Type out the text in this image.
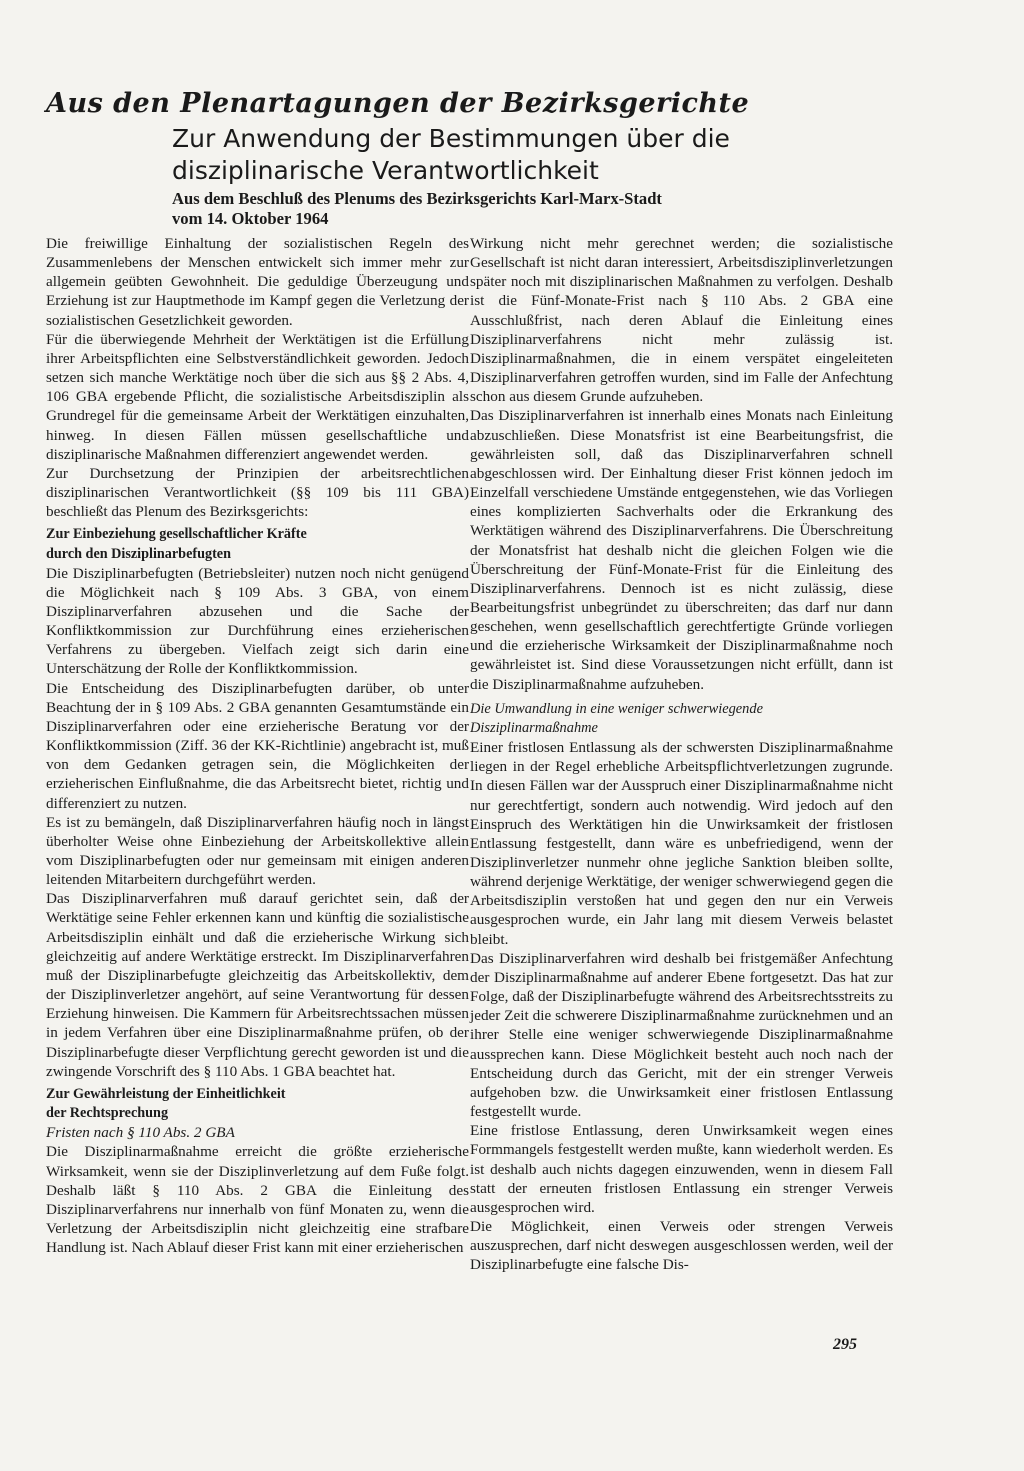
Aus den Plenartagungen der Bezirksgerichte
Zur Anwendung der Bestimmungen über die
disziplinarische Verantwortlichkeit
Aus dem Beschluß des Plenums des Bezirksgerichts Karl-Marx-Stadt
vom 14. Oktober 1964

Die freiwillige Einhaltung der sozialistischen Regeln des Zusammenlebens der Menschen entwickelt sich immer mehr zur allgemein geübten Gewohnheit. Die geduldige Überzeugung und Erziehung ist zur Hauptmethode im Kampf gegen die Verletzung der sozialistischen Gesetzlichkeit geworden.

Für die überwiegende Mehrheit der Werktätigen ist die Erfüllung ihrer Arbeitspflichten eine Selbstverständlichkeit geworden. Jedoch setzen sich manche Werktätige noch über die sich aus §§ 2 Abs. 4, 106 GBA ergebende Pflicht, die sozialistische Arbeitsdisziplin als Grundregel für die gemeinsame Arbeit der Werktätigen einzuhalten, hinweg. In diesen Fällen müssen gesellschaftliche und disziplinarische Maßnahmen differenziert angewendet werden.

Zur Durchsetzung der Prinzipien der arbeitsrechtlichen disziplinarischen Verantwortlichkeit (§§ 109 bis 111 GBA) beschließt das Plenum des Bezirksgerichts:

Zur Einbeziehung gesellschaftlicher Kräfte
durch den Disziplinarbefugten

Die Disziplinarbefugten (Betriebsleiter) nutzen noch nicht genügend die Möglichkeit nach § 109 Abs. 3 GBA, von einem Disziplinarverfahren abzusehen und die Sache der Konfliktkommission zur Durchführung eines erzieherischen Verfahrens zu übergeben. Vielfach zeigt sich darin eine Unterschätzung der Rolle der Konfliktkommission.

Die Entscheidung des Disziplinarbefugten darüber, ob unter Beachtung der in § 109 Abs. 2 GBA genannten Gesamtumstände ein Disziplinarverfahren oder eine erzieherische Beratung vor der Konfliktkommission (Ziff. 36 der KK-Richtlinie) angebracht ist, muß von dem Gedanken getragen sein, die Möglichkeiten der erzieherischen Einflußnahme, die das Arbeitsrecht bietet, richtig und differenziert zu nutzen.

Es ist zu bemängeln, daß Disziplinarverfahren häufig noch in längst überholter Weise ohne Einbeziehung der Arbeitskollektive allein vom Disziplinarbefugten oder nur gemeinsam mit einigen anderen leitenden Mitarbeitern durchgeführt werden.

Das Disziplinarverfahren muß darauf gerichtet sein, daß der Werktätige seine Fehler erkennen kann und künftig die sozialistische Arbeitsdisziplin einhält und daß die erzieherische Wirkung sich gleichzeitig auf andere Werktätige erstreckt. Im Disziplinarverfahren muß der Disziplinarbefugte gleichzeitig das Arbeitskollektiv, dem der Disziplinverletzer angehört, auf seine Verantwortung für dessen Erziehung hinweisen. Die Kammern für Arbeitsrechtssachen müssen in jedem Verfahren über eine Disziplinarmaßnahme prüfen, ob der Disziplinarbefugte dieser Verpflichtung gerecht geworden ist und die zwingende Vorschrift des § 110 Abs. 1 GBA beachtet hat.

Zur Gewährleistung der Einheitlichkeit
der Rechtsprechung
Fristen nach § 110 Abs. 2 GBA

Die Disziplinarmaßnahme erreicht die größte erzieherische Wirksamkeit, wenn sie der Disziplinverletzung auf dem Fuße folgt. Deshalb läßt § 110 Abs. 2 GBA die Einleitung des Disziplinarverfahrens nur innerhalb von fünf Monaten zu, wenn die Verletzung der Arbeitsdisziplin nicht gleichzeitig eine strafbare Handlung ist. Nach Ablauf dieser Frist kann mit einer erzieherischen

Wirkung nicht mehr gerechnet werden; die sozialistische Gesellschaft ist nicht daran interessiert, Arbeitsdisziplinverletzungen später noch mit disziplinarischen Maßnahmen zu verfolgen. Deshalb ist die Fünf-Monate-Frist nach § 110 Abs. 2 GBA eine Ausschlußfrist, nach deren Ablauf die Einleitung eines Disziplinarverfahrens nicht mehr zulässig ist. Disziplinarmaßnahmen, die in einem verspätet eingeleiteten Disziplinarverfahren getroffen wurden, sind im Falle der Anfechtung schon aus diesem Grunde aufzuheben.

Das Disziplinarverfahren ist innerhalb eines Monats nach Einleitung abzuschließen. Diese Monatsfrist ist eine Bearbeitungsfrist, die gewährleisten soll, daß das Disziplinarverfahren schnell abgeschlossen wird. Der Einhaltung dieser Frist können jedoch im Einzelfall verschiedene Umstände entgegenstehen, wie das Vorliegen eines komplizierten Sachverhalts oder die Erkrankung des Werktätigen während des Disziplinarverfahrens. Die Überschreitung der Monatsfrist hat deshalb nicht die gleichen Folgen wie die Überschreitung der Fünf-Monate-Frist für die Einleitung des Disziplinarverfahrens. Dennoch ist es nicht zulässig, diese Bearbeitungsfrist unbegründet zu überschreiten; das darf nur dann geschehen, wenn gesellschaftlich gerechtfertigte Gründe vorliegen und die erzieherische Wirksamkeit der Disziplinarmaßnahme noch gewährleistet ist. Sind diese Voraussetzungen nicht erfüllt, dann ist die Disziplinarmaßnahme aufzuheben.

Die Umwandlung in eine weniger schwerwiegende
Disziplinarmaßnahme

Einer fristlosen Entlassung als der schwersten Disziplinarmaßnahme liegen in der Regel erhebliche Arbeitspflichtverletzungen zugrunde. In diesen Fällen war der Ausspruch einer Disziplinarmaßnahme nicht nur gerechtfertigt, sondern auch notwendig. Wird jedoch auf den Einspruch des Werktätigen hin die Unwirksamkeit der fristlosen Entlassung festgestellt, dann wäre es unbefriedigend, wenn der Disziplinverletzer nunmehr ohne jegliche Sanktion bleiben sollte, während derjenige Werktätige, der weniger schwerwiegend gegen die Arbeitsdisziplin verstoßen hat und gegen den nur ein Verweis ausgesprochen wurde, ein Jahr lang mit diesem Verweis belastet bleibt.

Das Disziplinarverfahren wird deshalb bei fristgemäßer Anfechtung der Disziplinarmaßnahme auf anderer Ebene fortgesetzt. Das hat zur Folge, daß der Disziplinarbefugte während des Arbeitsrechtsstreits zu jeder Zeit die schwerere Disziplinarmaßnahme zurücknehmen und an ihrer Stelle eine weniger schwerwiegende Disziplinarmaßnahme aussprechen kann. Diese Möglichkeit besteht auch noch nach der Entscheidung durch das Gericht, mit der ein strenger Verweis aufgehoben bzw. die Unwirksamkeit einer fristlosen Entlassung festgestellt wurde.

Eine fristlose Entlassung, deren Unwirksamkeit wegen eines Formmangels festgestellt werden mußte, kann wiederholt werden. Es ist deshalb auch nichts dagegen einzuwenden, wenn in diesem Fall statt der erneuten fristlosen Entlassung ein strenger Verweis ausgesprochen wird.

Die Möglichkeit, einen Verweis oder strengen Verweis auszusprechen, darf nicht deswegen ausgeschlossen werden, weil der Disziplinarbefugte eine falsche Dis-

295
